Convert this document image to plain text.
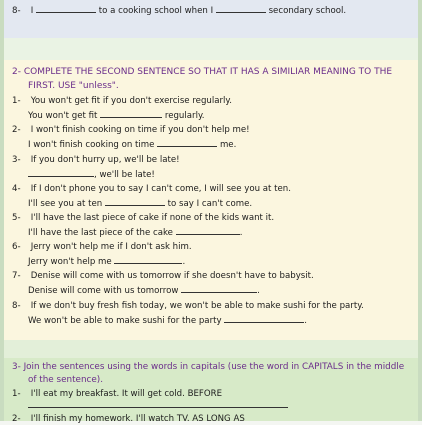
8- I	to a cooking school when I	secondary school.
2- COMPLETE THE SECOND SENTENCE SO THAT IT HAS A SIMILIAR MEANING TO THE
FIRST. USE "unless".
1- You won't get fit if you don't exercise regularly.
You won't get fit	regularly.
2- I won't finish cooking on time if you don't help me!
I won't finish cooking on time	me.
3- If you don't hurry up, we'll be late!
, we'll be late!
4- If I don't phone you to say I can't come, I will see you at ten.
I'll see you at ten	to say I can't come.
5- I'll have the last piece of cake if none of the kids want it.
I'll have the last piece of the cake	.
6- Jerry won't help me if I don't ask him.
Jerry won't help me	.
7- Denise will come with us tomorrow if she doesn't have to babysit.
Denise will come with us tomorrow	.
8- If we don't buy fresh fish today, we won't be able to make sushi for the party.
We won't be able to make sushi for the party	.
3- Join the sentences using the words in capitals (use the word in CAPITALS in the middle
of the sentence).
1- I'll eat my breakfast. It will get cold. BEFORE
2- I'll finish my homework. I'll watch TV. AS LONG AS
